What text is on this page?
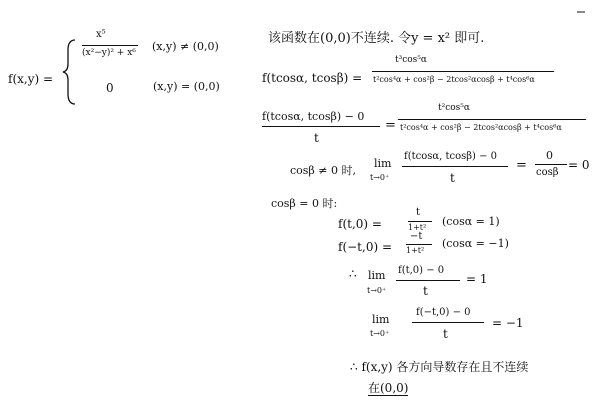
f(x,y) =
x⁵
(x²−y)² + x⁶ (x,y) ≠ (0,0)
0	(x,y) = (0,0)
该函数在(0,0)不连续. 令y = x² 即可.
f(tcosα, tcosβ) =
t³cos⁵α
t²cos⁴α + cos²β − 2tcos²αcosβ + t⁴cos⁶α
f(tcosα, tcosβ) − 0
t
=
t²cos⁵α
t²cos⁴α + cos²β − 2tcos²αcosβ + t⁴cos⁶α
cosβ ≠ 0 时,
lim
t→0⁺
f(tcosα, tcosβ) − 0
t
=
0
cosβ
= 0
cosβ = 0 时:
f(t,0) =
t
1+t² (cosα = 1)
f(−t,0) =
−t
1+t²
(cosα = −1)
∴ lim
t→0⁺
f(t,0) − 0
t
= 1
lim
t→0⁺
f(−t,0) − 0
t
= −1
∴ f(x,y) 各方向导数存在且不连续
在(0,0)
